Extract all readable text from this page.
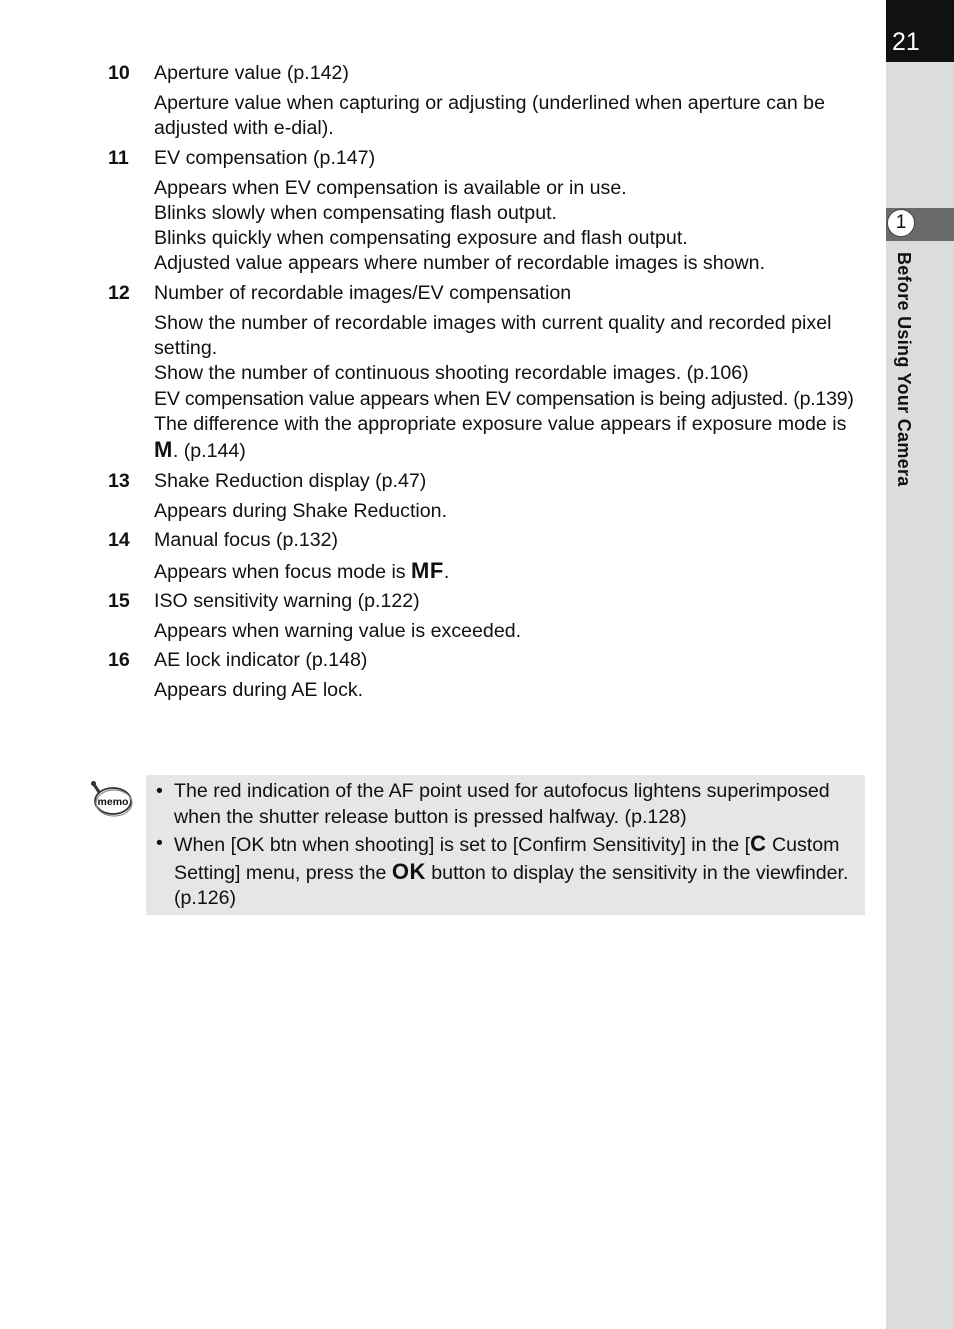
21
1
Before Using Your Camera
10	Aperture value (p.142)
Aperture value when capturing or adjusting (underlined when aperture can be adjusted with e-dial).
11	EV compensation (p.147)
Appears when EV compensation is available or in use.
Blinks slowly when compensating flash output.
Blinks quickly when compensating exposure and flash output.
Adjusted value appears where number of recordable images is shown.
12	Number of recordable images/EV compensation
Show the number of recordable images with current quality and recorded pixel setting.
Show the number of continuous shooting recordable images. (p.106)
EV compensation value appears when EV compensation is being adjusted. (p.139)
The difference with the appropriate exposure value appears if exposure mode is M. (p.144)
13	Shake Reduction display (p.47)
Appears during Shake Reduction.
14	Manual focus (p.132)
Appears when focus mode is MF.
15	ISO sensitivity warning (p.122)
Appears when warning value is exceeded.
16	AE lock indicator (p.148)
Appears during AE lock.
memo • The red indication of the AF point used for autofocus lightens superimposed when the shutter release button is pressed halfway. (p.128)
• When [OK btn when shooting] is set to [Confirm Sensitivity] in the [C Custom Setting] menu, press the OK button to display the sensitivity in the viewfinder. (p.126)
